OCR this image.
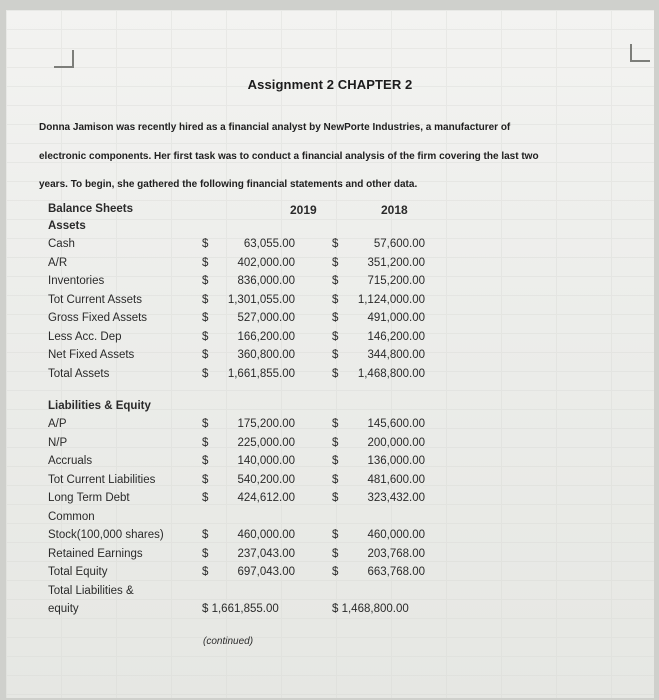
Assignment 2 CHAPTER 2
Donna Jamison was recently hired as a financial analyst by NewPorte Industries, a manufacturer of
electronic components. Her first task was to conduct a financial analysis of the firm covering the last two
years. To begin, she gathered the following financial statements and other data.
Balance Sheets	2019	2018
Assets
Cash	$	63,055.00	$	57,600.00
A/R	$	402,000.00	$	351,200.00
Inventories	$	836,000.00	$	715,200.00
Tot Current Assets	$ 1,301,055.00	$ 1,124,000.00
Gross Fixed Assets	$	527,000.00	$	491,000.00
Less Acc. Dep	$	166,200.00	$	146,200.00
Net Fixed Assets	$	360,800.00	$	344,800.00
Total Assets	$ 1,661,855.00	$ 1,468,800.00
Liabilities & Equity
A/P	$	175,200.00	$	145,600.00
N/P	$	225,000.00	$	200,000.00
Accruals	$	140,000.00	$	136,000.00
Tot Current Liabilities	$	540,200.00	$	481,600.00
Long Term Debt	$	424,612.00	$	323,432.00
Common
Stock(100,000 shares)	$	460,000.00	$	460,000.00
Retained Earnings	$	237,043.00	$	203,768.00
Total Equity	$	697,043.00	$	663,768.00
Total Liabilities &
equity	$ 1,661,855.00	$ 1,468,800.00
(continued)
